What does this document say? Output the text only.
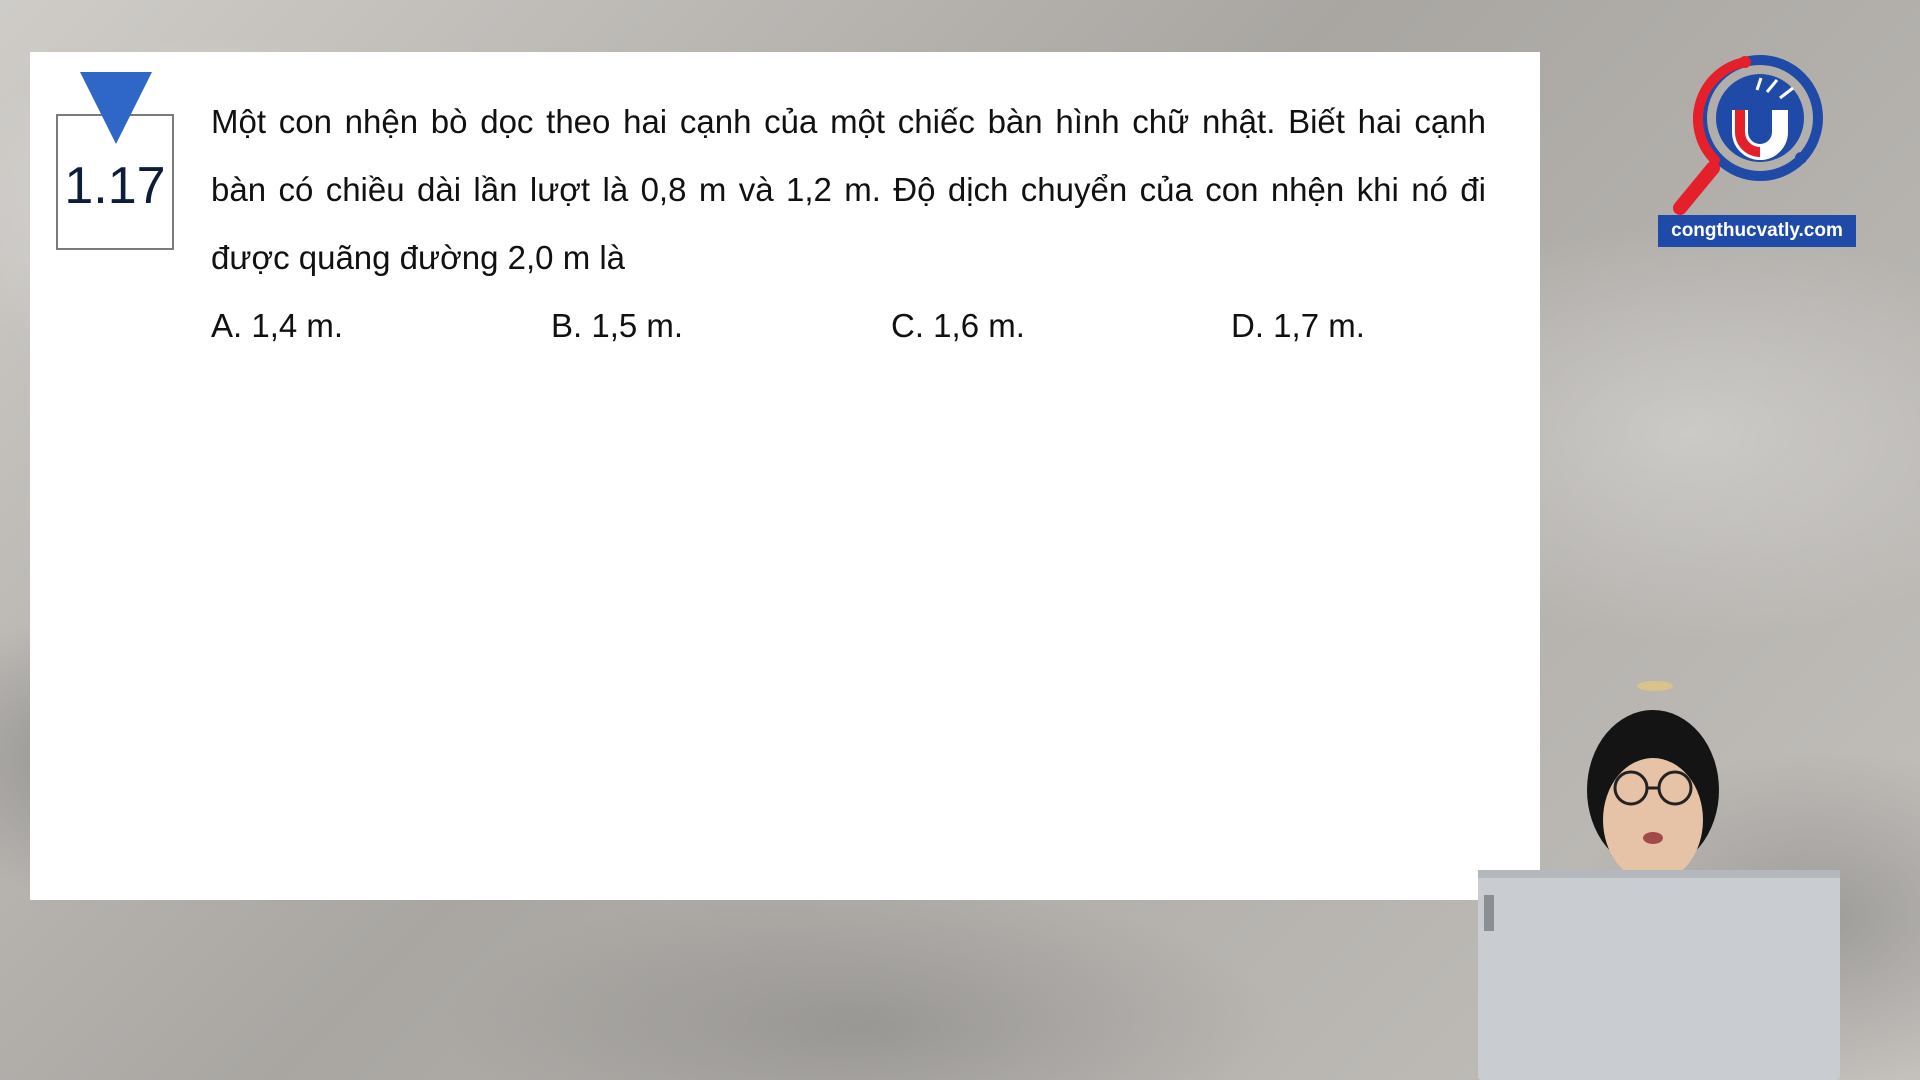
1.17
Một con nhện bò dọc theo hai cạnh của một chiếc bàn hình chữ nhật. Biết hai cạnh bàn có chiều dài lần lượt là 0,8 m và 1,2 m. Độ dịch chuyển của con nhện khi nó đi được quãng đường 2,0 m là
A. 1,4 m.	B. 1,5 m.	C. 1,6 m.	D. 1,7 m.
congthucvatly.com
